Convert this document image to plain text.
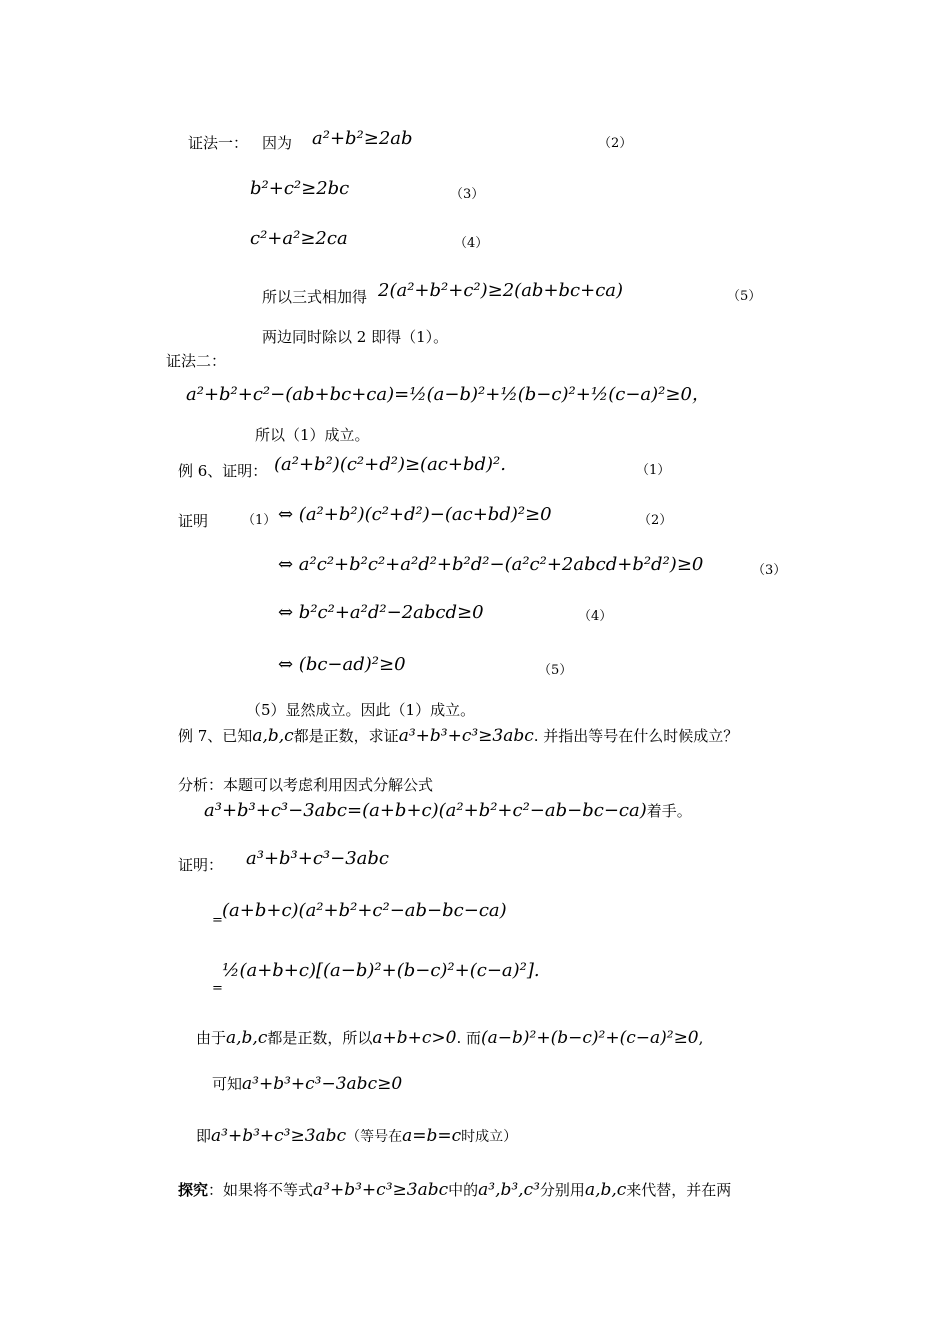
证法一： 因为 a²+b²≥2ab	（2）
b²+c²≥2bc	（3）
c²+a²≥2ca	（4）
所以三式相加得 2(a²+b²+c²)≥2(ab+bc+ca)	（5）
两边同时除以 2 即得（1）。
证法二：
a²+b²+c²−(ab+bc+ca)=½(a−b)²+½(b−c)²+½(c−a)²≥0，
所以（1）成立。
例 6、证明： (a²+b²)(c²+d²)≥(ac+bd)².	（1）
证明	（1） ⇔ (a²+b²)(c²+d²)−(ac+bd)²≥0	（2）
⇔ a²c²+b²c²+a²d²+b²d²−(a²c²+2abcd+b²d²)≥0	（3）
⇔ b²c²+a²d²−2abcd≥0	（4）
⇔ (bc−ad)²≥0	（5）
（5）显然成立。因此（1）成立。
例 7、已知 a,b,c 都是正数，求证 a³+b³+c³≥3abc . 并指出等号在什么时候成立？
分析：本题可以考虑利用因式分解公式
a³+b³+c³−3abc=(a+b+c)(a²+b²+c²−ab−bc−ca) 着手。
证明： a³+b³+c³−3abc
= (a+b+c)(a²+b²+c²−ab−bc−ca)
=
½(a+b+c)[(a−b)²+(b−c)²+(c−a)²].
由于 a,b,c 都是正数，所以 a+b+c>0 . 而 (a−b)²+(b−c)²+(c−a)²≥0 ,
可知 a³+b³+c³−3abc≥0
即 a³+b³+c³≥3abc （等号在 a=b=c 时成立）
探究 ：如果将不等式 a³+b³+c³≥3abc 中的 a³,b³,c³ 分别用 a,b,c 来代替，并在两
